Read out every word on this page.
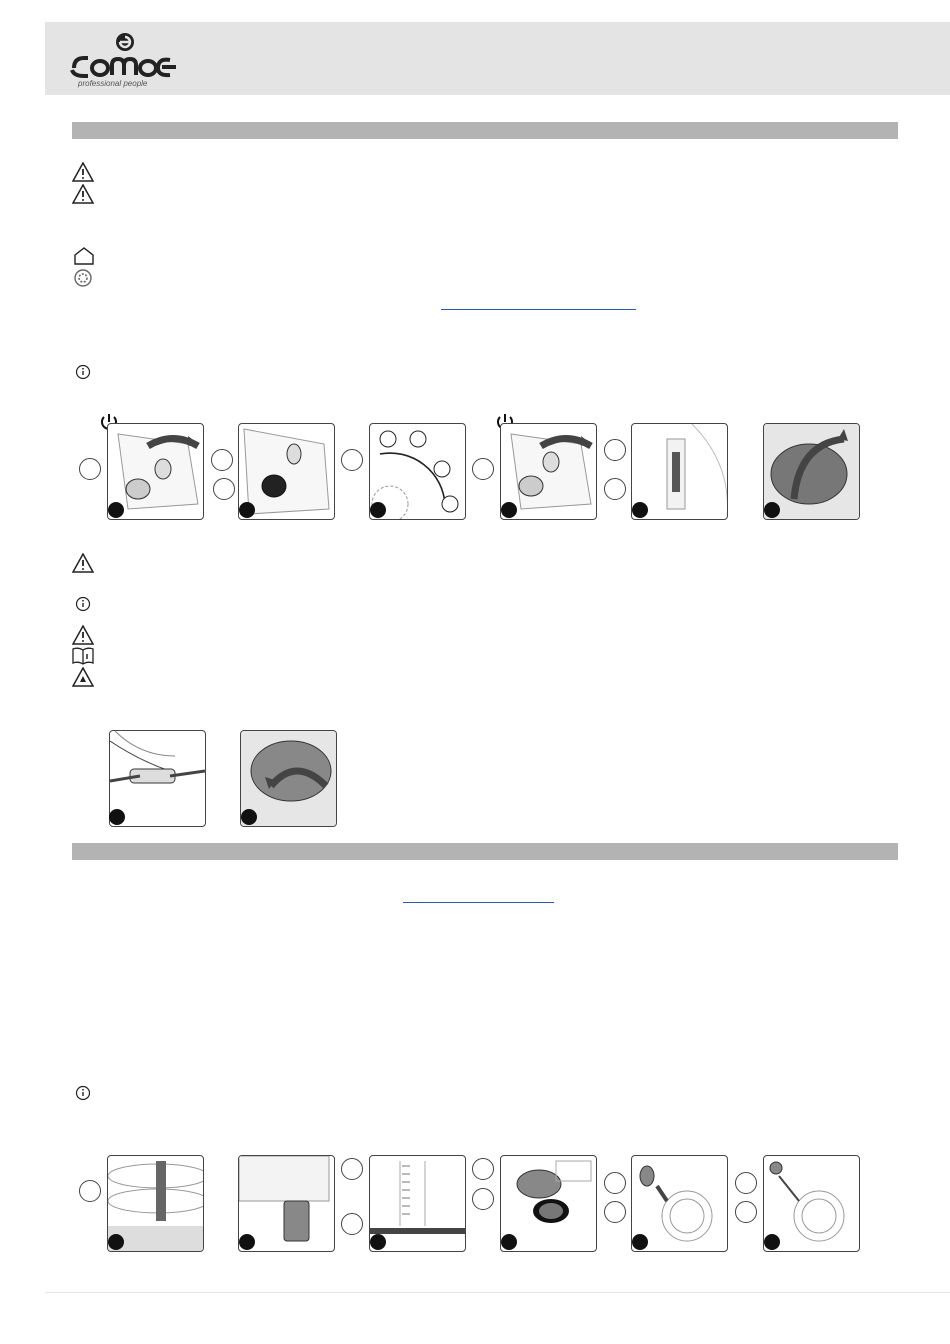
professional people
